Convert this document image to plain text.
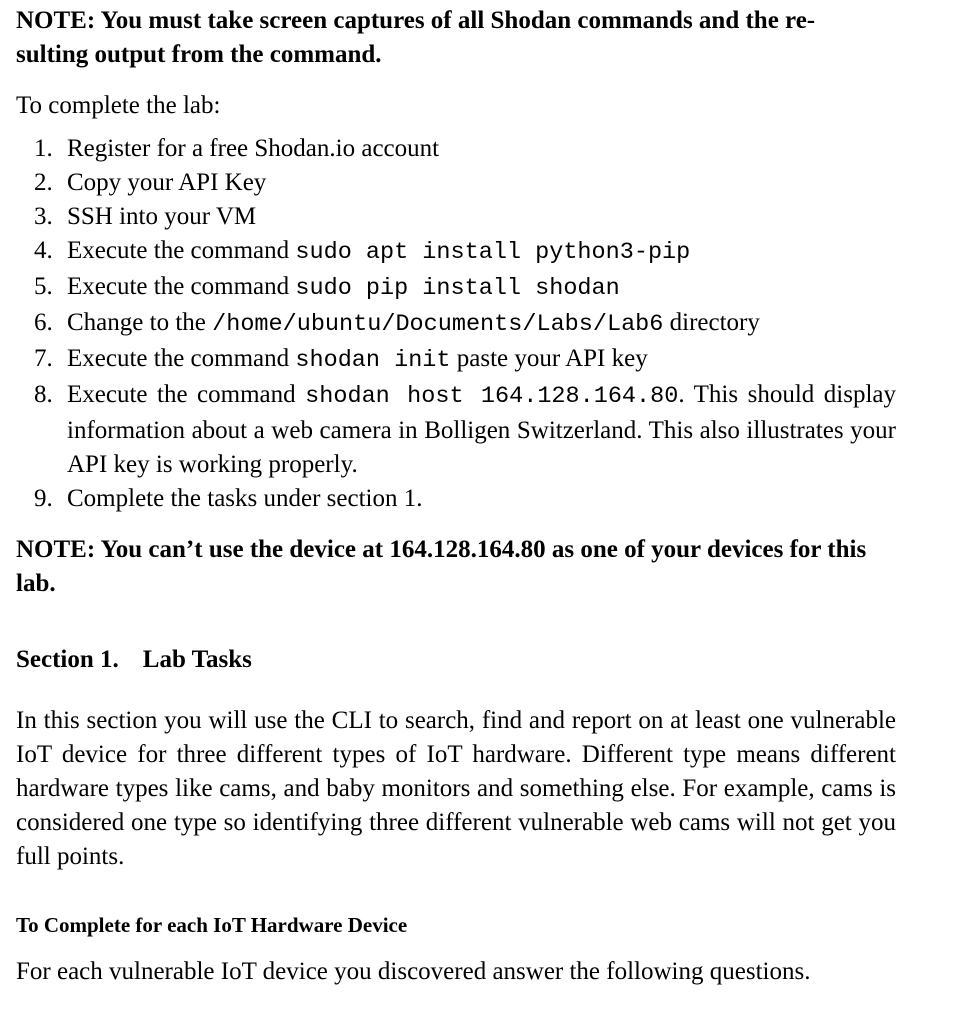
NOTE: You must take screen captures of all Shodan commands and the re-
sulting output from the command.
To complete the lab:
1. Register for a free Shodan.io account
2. Copy your API Key
3. SSH into your VM
4. Execute the command sudo apt install python3-pip
5. Execute the command sudo pip install shodan
6. Change to the /home/ubuntu/Documents/Labs/Lab6 directory
7. Execute the command shodan init paste your API key
8. Execute the command shodan host 164.128.164.80. This should display information about a web camera in Bolligen Switzerland. This also illustrates your API key is working properly.
9. Complete the tasks under section 1.
NOTE: You can’t use the device at 164.128.164.80 as one of your devices for this lab.
Section 1. Lab Tasks
In this section you will use the CLI to search, find and report on at least one vulnerable IoT device for three different types of IoT hardware. Different type means different hardware types like cams, and baby monitors and something else. For example, cams is considered one type so identifying three different vulnerable web cams will not get you full points.
To Complete for each IoT Hardware Device
For each vulnerable IoT device you discovered answer the following questions.
